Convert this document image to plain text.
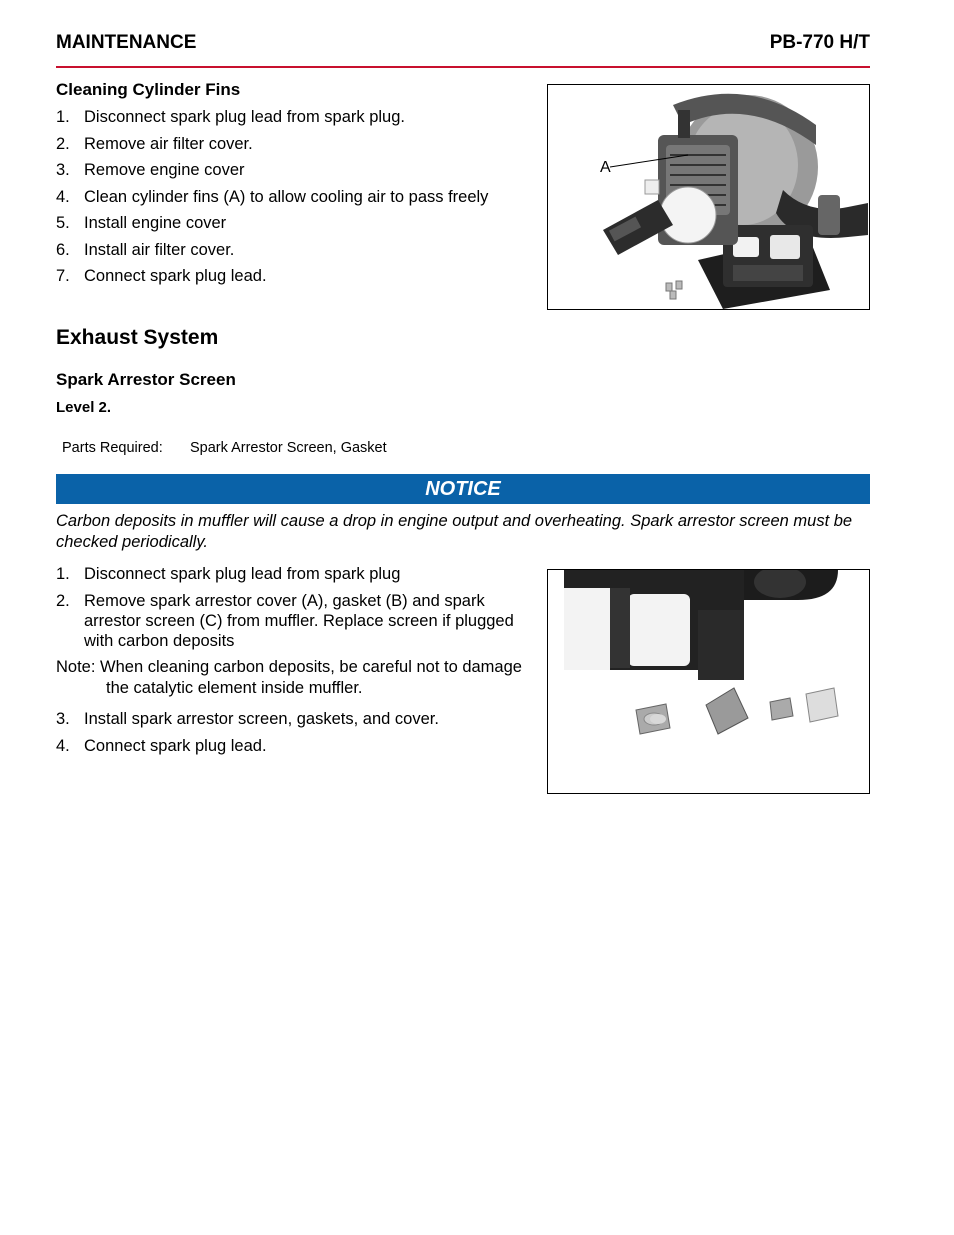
MAINTENANCE	PB-770 H/T
Cleaning Cylinder Fins
1. Disconnect spark plug lead from spark plug.
2. Remove air filter cover.
3. Remove engine cover
4. Clean cylinder fins (A) to allow cooling air to pass freely
5. Install engine cover
6. Install air filter cover.
7. Connect spark plug lead.
A
Exhaust System
Spark Arrestor Screen
Level 2.
Parts Required: Spark Arrestor Screen, Gasket
NOTICE
Carbon deposits in muffler will cause a drop in engine output and overheating. Spark arrestor screen must be checked periodically.
1. Disconnect spark plug lead from spark plug
2. Remove spark arrestor cover (A), gasket (B) and spark arrestor screen (C) from muffler. Replace screen if plugged with carbon deposits
Note: When cleaning carbon deposits, be careful not to damage
the catalytic element inside muffler.
3. Install spark arrestor screen, gaskets, and cover.
4. Connect spark plug lead.
